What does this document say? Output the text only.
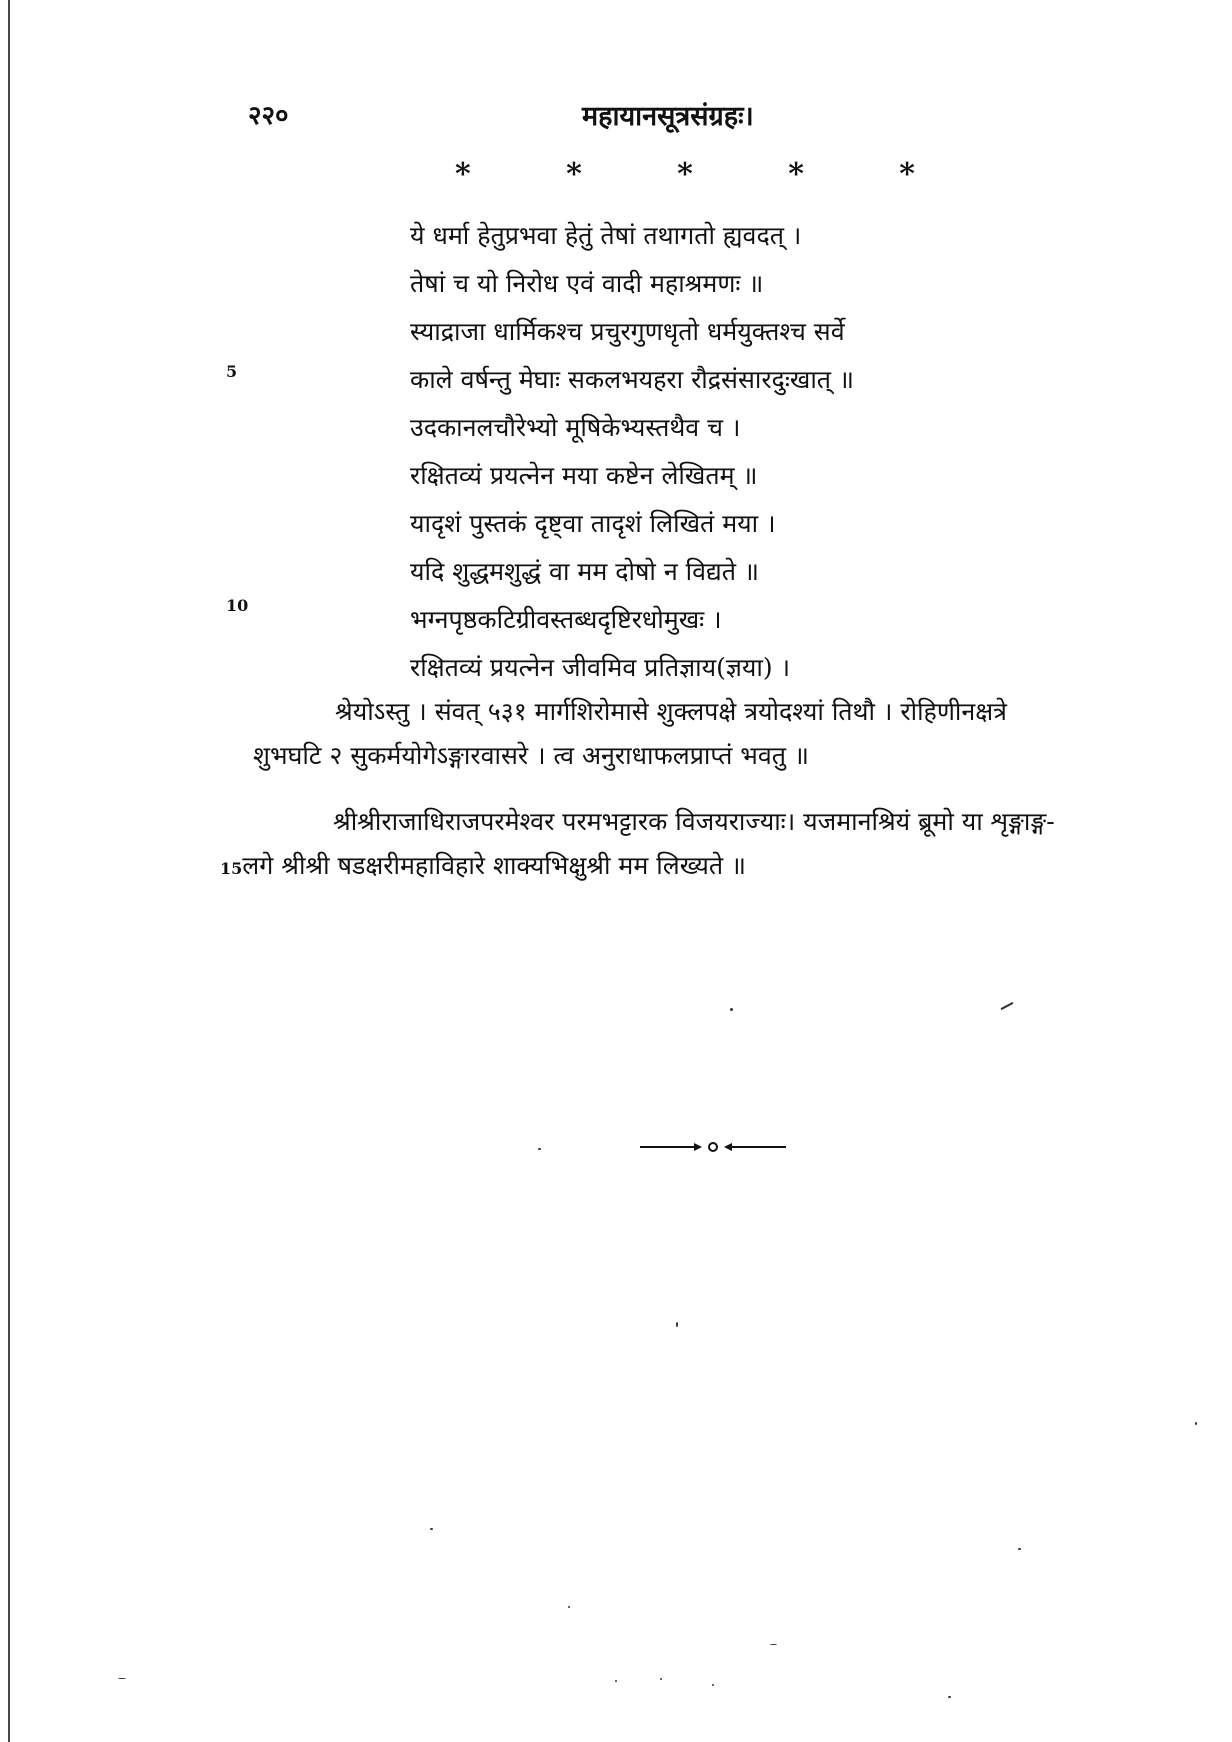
२२०	महायानसूत्रसंग्रहः।
*	*	*	*	*
ये धर्मा हेतुप्रभवा हेतुं तेषां तथागतो ह्यवदत् ।
तेषां च यो निरोध एवं वादी महाश्रमणः ॥
स्याद्राजा धार्मिकश्च प्रचुरगुणधृतो धर्मयुक्तश्च सर्वे
काले वर्षन्तु मेघाः सकलभयहरा रौद्रसंसारदुःखात् ॥
उदकानलचौरेभ्यो मूषिकेभ्यस्तथैव च ।
रक्षितव्यं प्रयत्नेन मया कष्टेन लेखितम् ॥
यादृशं पुस्तकं दृष्ट्वा तादृशं लिखितं मया ।
यदि शुद्धमशुद्धं वा मम दोषो न विद्यते ॥
भग्नपृष्ठकटिग्रीवस्तब्धदृष्टिरधोमुखः ।
रक्षितव्यं प्रयत्नेन जीवमिव प्रतिज्ञाय(ज्ञया) ।
5
10
श्रेयोऽस्तु । संवत् ५३१ मार्गशिरोमासे शुक्लपक्षे त्रयोदश्यां तिथौ । रोहिणीनक्षत्रे
शुभघटि २ सुकर्मयोगेऽङ्गारवासरे । त्व अनुराधाफलप्राप्तं भवतु ॥
श्रीश्रीराजाधिराजपरमेश्वर परमभट्टारक विजयराज्याः। यजमानश्रियं ब्रूमो या शृङ्गाङ्ग-
15लगे श्रीश्री षडक्षरीमहाविहारे शाक्यभिक्षुश्री मम लिख्यते ॥
